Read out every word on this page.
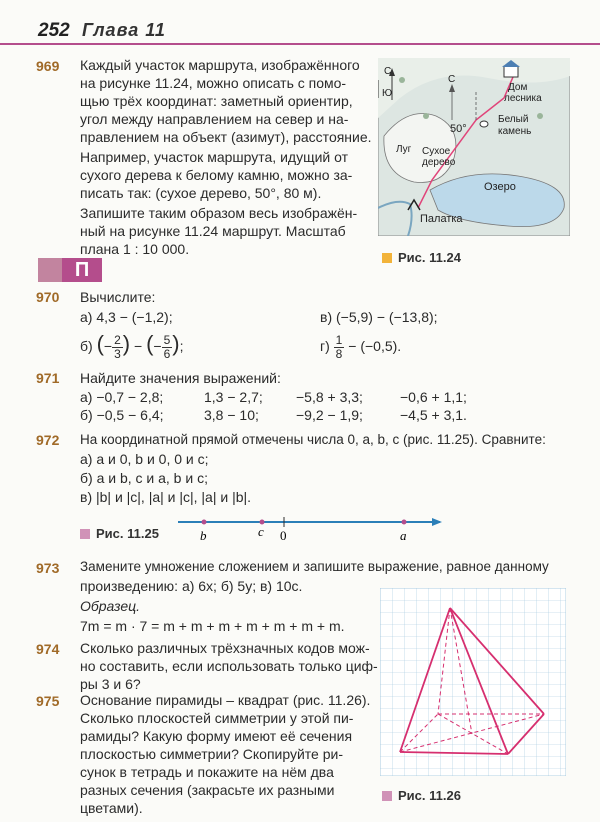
252 Глава 11
969 Каждый участок маршрута, изображённого
на рисунке 11.24, можно описать с помо-
щью трёх координат: заметный ориентир,
угол между направлением на север и на-
правлением на объект (азимут), расстояние.
Например, участок маршрута, идущий от
сухого дерева к белому камню, можно за-
писать так: (сухое дерево, 50°, 80 м).
Запишите таким образом весь изображён-
ный на рисунке 11.24 маршрут. Масштаб
плана 1 : 10 000.
С
Ю
С
50°
Дом
лесника
Белый
камень
Луг Сухое
дерево
Озеро
Палатка
Рис. 11.24
П
970 Вычислите:
а) 4,3 − (−1,2);	в) (−5,9) − (−13,8);
б) (− $\frac{2}{3}$ ) − (− $\frac{5}{6}$ );	$г) \frac{1}{8} - (-0,5)$.
971 Найдите значения выражений:
а) −0,7 − 2,8;	1,3 − 2,7; −5,8 + 3,3;	−0,6 + 1,1;
б) −0,5 − 6,4;	3,8 − 10;	−9,2 − 1,9;	−4,5 + 3,1.
972 На координатной прямой отмечены числа 0, a, b, c (рис. 11.25). Сравните:
а) a и 0, b и 0, 0 и c;
б) a и b, c и a, b и c;
в) |b| и |c|, |a| и |c|, |a| и |b|.
Рис. 11.25	b	c 0	a
973 Замените умножение сложением и запишите выражение, равное данному
произведению: а) 6x; б) 5y; в) 10c.
Образец.
7m = m · 7 = m + m + m + m + m + m + m.
974 Сколько различных трёхзначных кодов мож-
но составить, если использовать только циф-
ры 3 и 6?
975 Основание пирамиды – квадрат (рис. 11.26).
Сколько плоскостей симметрии у этой пи-
рамиды? Какую форму имеют её сечения
плоскостью симметрии? Скопируйте ри-
сунок в тетрадь и покажите на нём два
разных сечения (закрасьте их разными
цветами).
Рис. 11.26
